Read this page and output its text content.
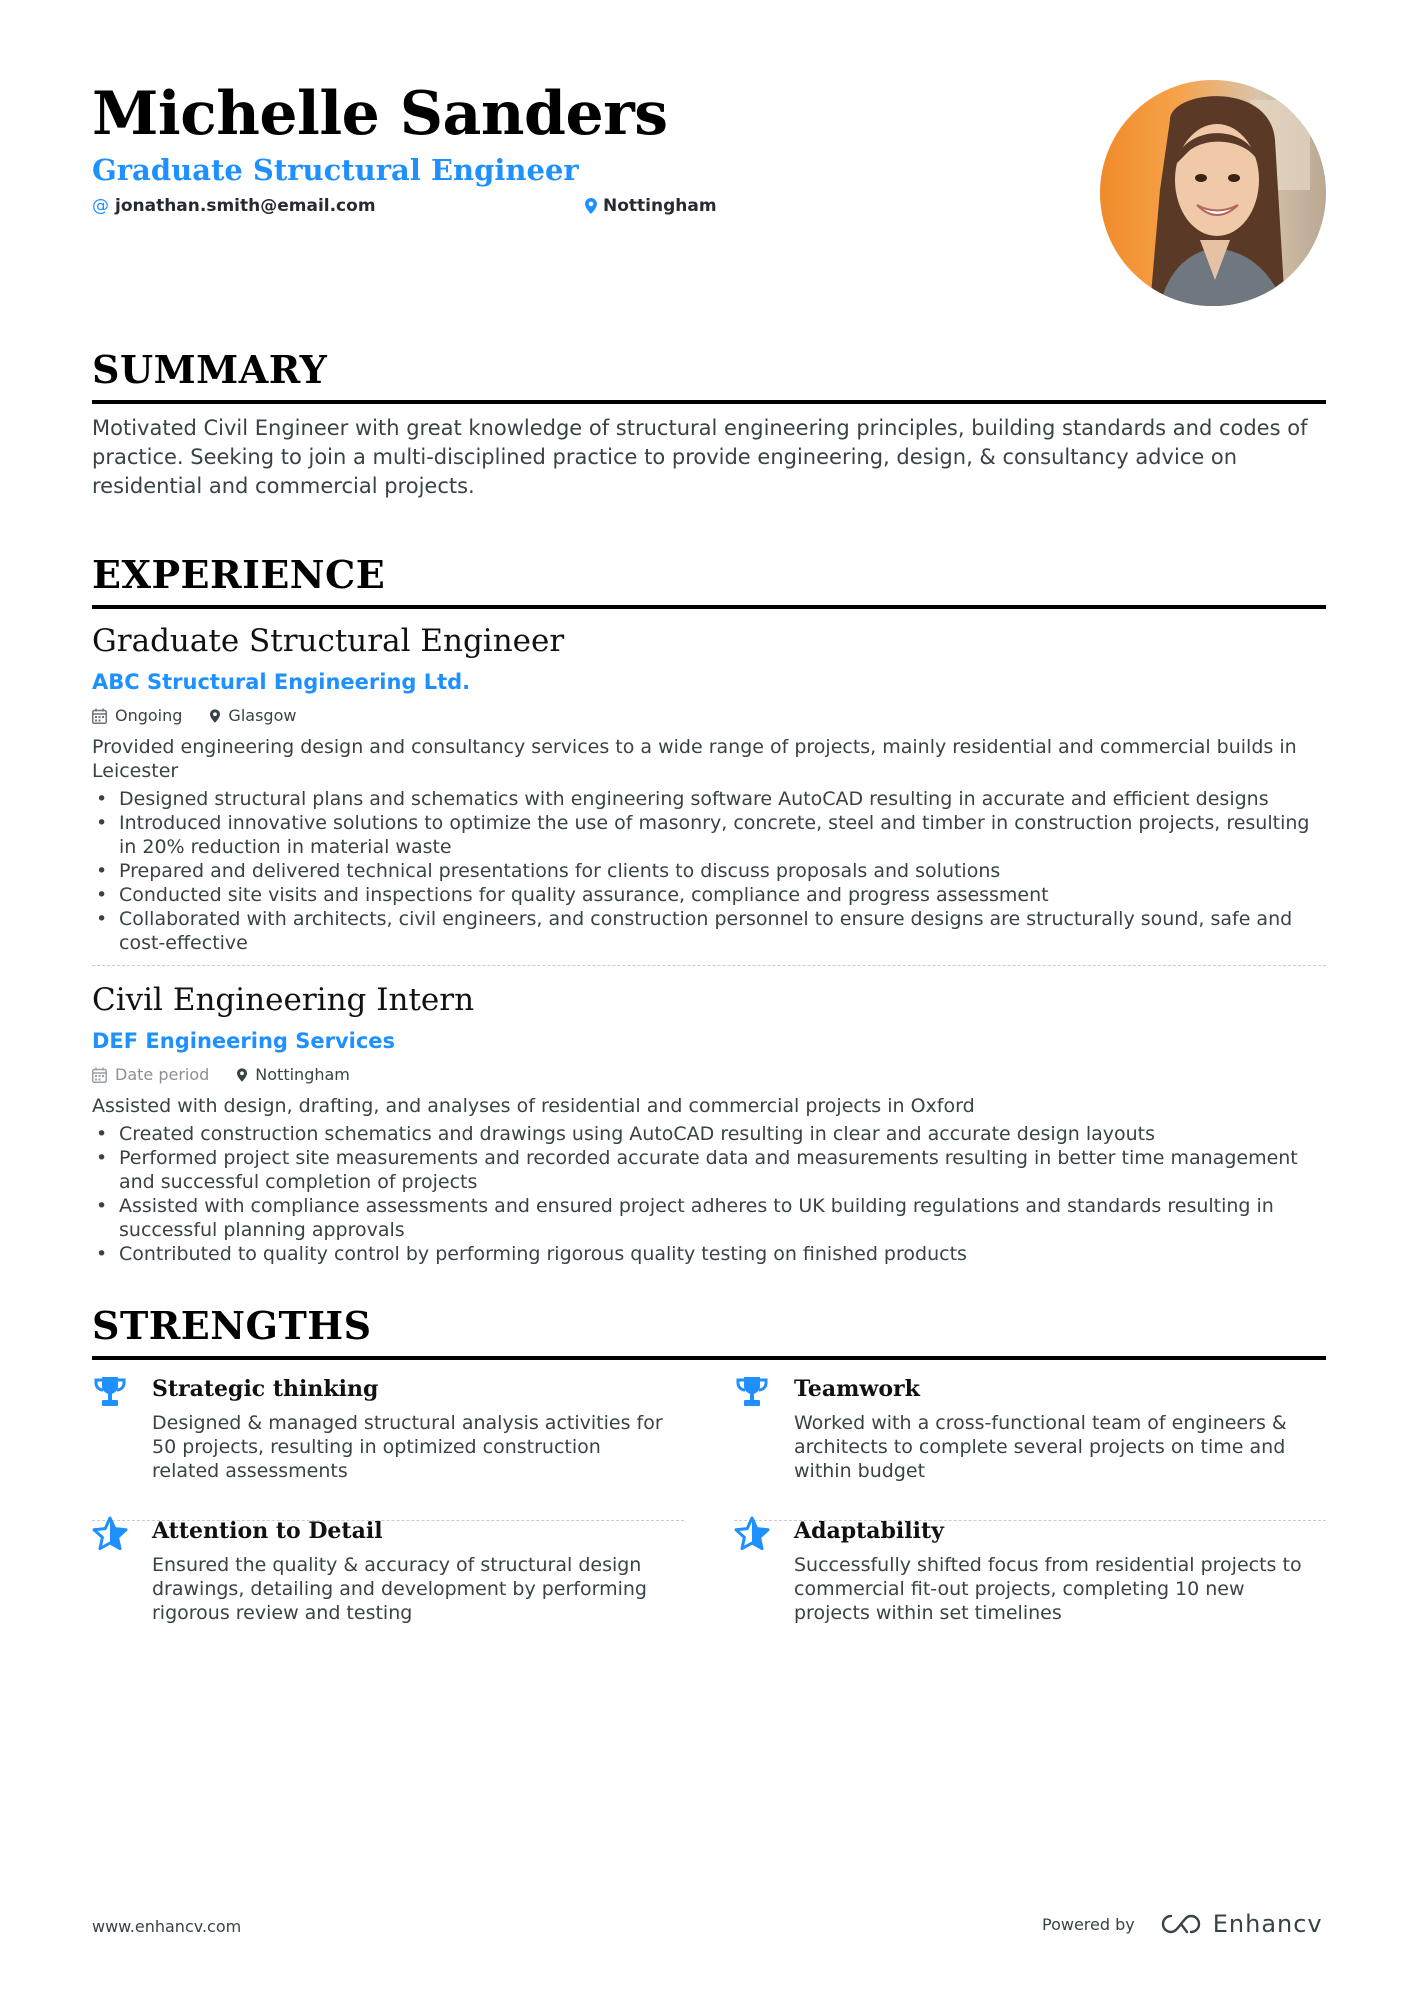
Michelle Sanders
Graduate Structural Engineer
@ jonathan.smith@email.com	Nottingham
SUMMARY
Motivated Civil Engineer with great knowledge of structural engineering principles, building standards and codes of practice. Seeking to join a multi-disciplined practice to provide engineering, design, & consultancy advice on residential and commercial projects.
EXPERIENCE
Graduate Structural Engineer
ABC Structural Engineering Ltd.
Ongoing	Glasgow
Provided engineering design and consultancy services to a wide range of projects, mainly residential and commercial builds in Leicester
• Designed structural plans and schematics with engineering software AutoCAD resulting in accurate and efficient designs
• Introduced innovative solutions to optimize the use of masonry, concrete, steel and timber in construction projects, resulting in 20% reduction in material waste
• Prepared and delivered technical presentations for clients to discuss proposals and solutions
• Conducted site visits and inspections for quality assurance, compliance and progress assessment
• Collaborated with architects, civil engineers, and construction personnel to ensure designs are structurally sound, safe and cost-effective
Civil Engineering Intern
DEF Engineering Services
Date period	Nottingham
Assisted with design, drafting, and analyses of residential and commercial projects in Oxford
• Created construction schematics and drawings using AutoCAD resulting in clear and accurate design layouts
• Performed project site measurements and recorded accurate data and measurements resulting in better time management and successful completion of projects
• Assisted with compliance assessments and ensured project adheres to UK building regulations and standards resulting in successful planning approvals
• Contributed to quality control by performing rigorous quality testing on finished products
STRENGTHS
Strategic thinking
Designed & managed structural analysis activities for 50 projects, resulting in optimized construction related assessments
Teamwork
Worked with a cross-functional team of engineers & architects to complete several projects on time and within budget
Attention to Detail
Ensured the quality & accuracy of structural design drawings, detailing and development by performing rigorous review and testing
Adaptability
Successfully shifted focus from residential projects to commercial fit-out projects, completing 10 new projects within set timelines
www.enhancv.com	Powered by	Enhancv
